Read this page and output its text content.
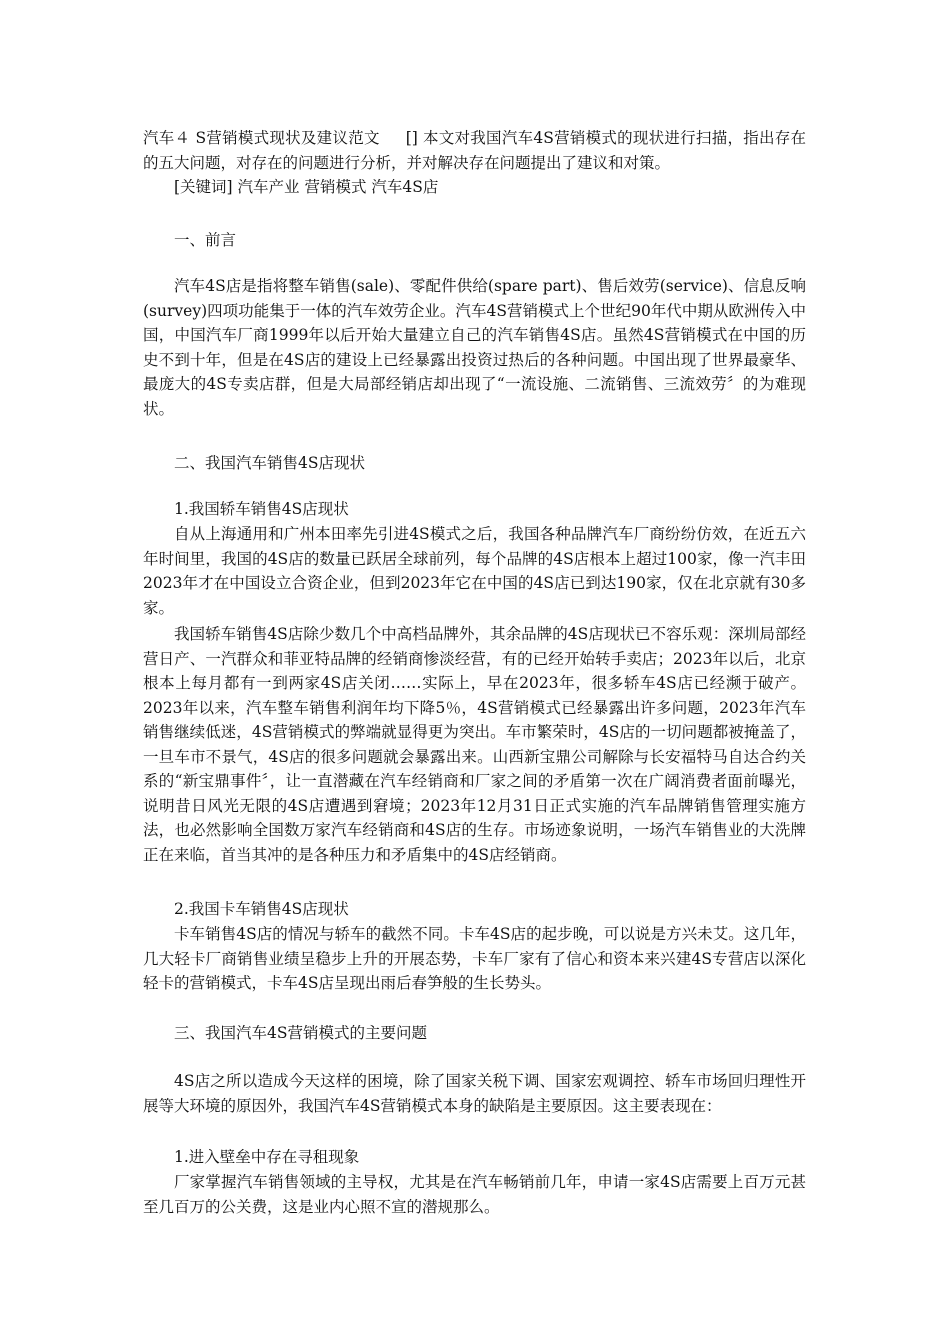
汽车４ S营销模式现状及建议范文 [] 本文对我国汽车4S营销模式的现状进行扫描，指出存在的五大问题，对存在的问题进行分析，并对解决存在问题提出了建议和对策。

[关键词] 汽车产业 营销模式 汽车4S店

一、前言

汽车4S店是指将整车销售(sale)、零配件供给(spare part)、售后效劳(service)、信息反响(survey)四项功能集于一体的汽车效劳企业。汽车4S营销模式上个世纪90年代中期从欧洲传入中国，中国汽车厂商1999年以后开始大量建立自己的汽车销售4S店。虽然4S营销模式在中国的历史不到十年，但是在4S店的建设上已经暴露出投资过热后的各种问题。中国出现了世界最豪华、最庞大的4S专卖店群，但是大局部经销店却出现了“一流设施、二流销售、三流效劳〞的为难现状。

二、我国汽车销售4S店现状

1.我国轿车销售4S店现状

自从上海通用和广州本田率先引进4S模式之后，我国各种品牌汽车厂商纷纷仿效，在近五六年时间里，我国的4S店的数量已跃居全球前列，每个品牌的4S店根本上超过100家，像一汽丰田2023年才在中国设立合资企业，但到2023年它在中国的4S店已到达190家，仅在北京就有30多家。

我国轿车销售4S店除少数几个中高档品牌外，其余品牌的4S店现状已不容乐观：深圳局部经营日产、一汽群众和菲亚特品牌的经销商惨淡经营，有的已经开始转手卖店；2023年以后，北京根本上每月都有一到两家4S店关闭……实际上，早在2023年，很多轿车4S店已经濒于破产。2023年以来，汽车整车销售利润年均下降5％，4S营销模式已经暴露出许多问题，2023年汽车销售继续低迷，4S营销模式的弊端就显得更为突出。车市繁荣时，4S店的一切问题都被掩盖了，一旦车市不景气，4S店的很多问题就会暴露出来。山西新宝鼎公司解除与长安福特马自达合约关系的“新宝鼎事件〞，让一直潜藏在汽车经销商和厂家之间的矛盾第一次在广阔消费者面前曝光，说明昔日风光无限的4S店遭遇到窘境；2023年12月31日正式实施的汽车品牌销售管理实施方法，也必然影响全国数万家汽车经销商和4S店的生存。市场迹象说明，一场汽车销售业的大洗牌正在来临，首当其冲的是各种压力和矛盾集中的4S店经销商。

2.我国卡车销售4S店现状

卡车销售4S店的情况与轿车的截然不同。卡车4S店的起步晚，可以说是方兴未艾。这几年，几大轻卡厂商销售业绩呈稳步上升的开展态势，卡车厂家有了信心和资本来兴建4S专营店以深化轻卡的营销模式，卡车4S店呈现出雨后春笋般的生长势头。

三、我国汽车4S营销模式的主要问题

4S店之所以造成今天这样的困境，除了国家关税下调、国家宏观调控、轿车市场回归理性开展等大环境的原因外，我国汽车4S营销模式本身的缺陷是主要原因。这主要表现在：

1.进入壁垒中存在寻租现象

厂家掌握汽车销售领域的主导权，尤其是在汽车畅销前几年，申请一家4S店需要上百万元甚至几百万的公关费，这是业内心照不宣的潜规那么。
